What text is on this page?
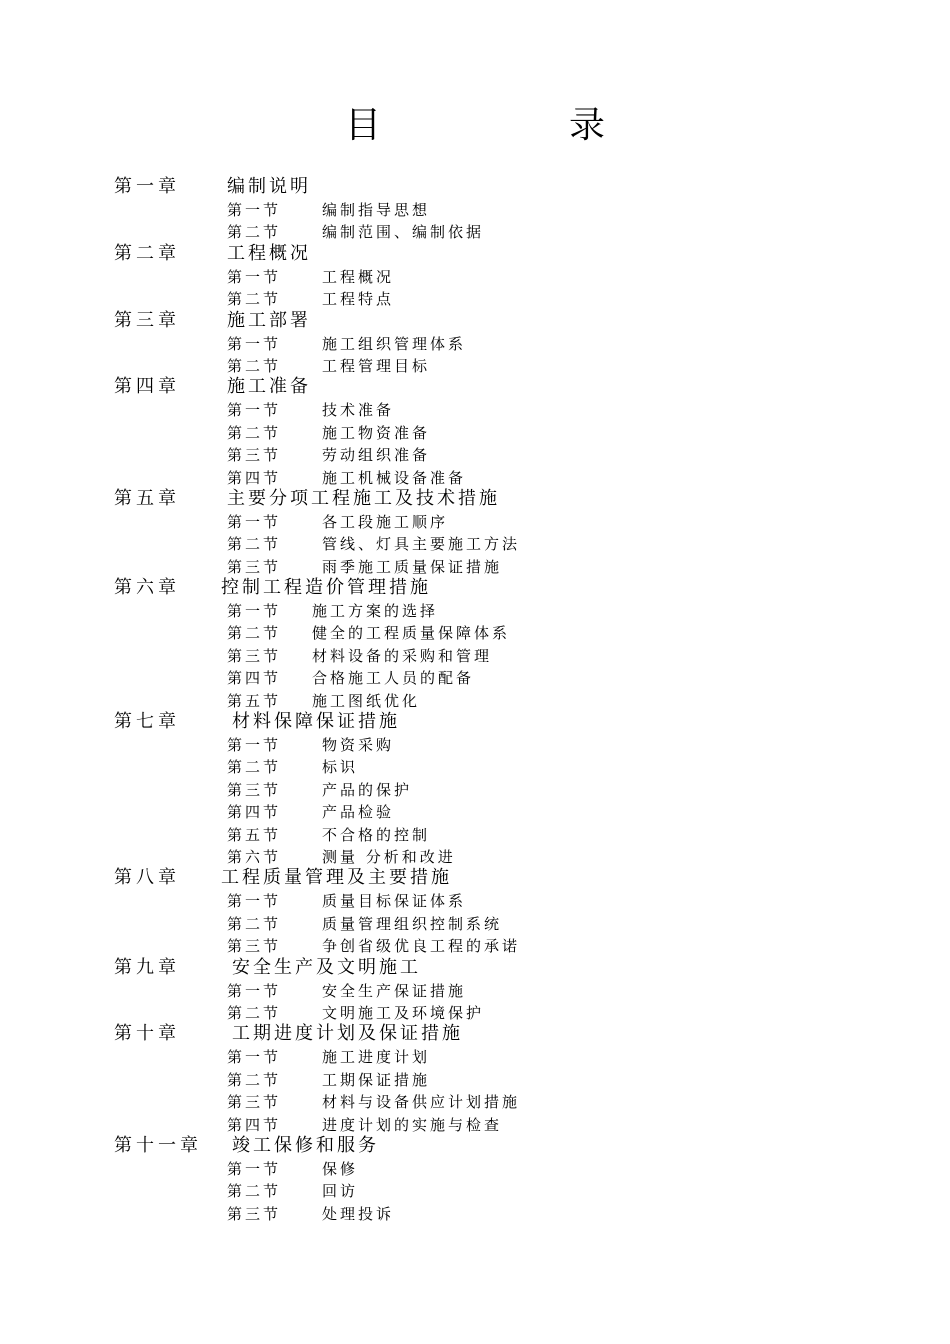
目　录
第一章	编制说明
第一节	编制指导思想
第二节	编制范围、编制依据
第二章	工程概况
第一节	工程概况
第二节	工程特点
第三章	施工部署
第一节	施工组织管理体系
第二节	工程管理目标
第四章	施工准备
第一节	技术准备
第二节	施工物资准备
第三节	劳动组织准备
第四节	施工机械设备准备
第五章	主要分项工程施工及技术措施
第一节	各工段施工顺序
第二节	管线、灯具主要施工方法
第三节	雨季施工质量保证措施
第六章 控制工程造价管理措施
第一节 施工方案的选择
第二节 健全的工程质量保障体系
第三节 材料设备的采购和管理
第四节 合格施工人员的配备
第五节 施工图纸优化
第七章	材料保障保证措施
第一节	物资采购
第二节	标识
第三节	产品的保护
第四节	产品检验
第五节	不合格的控制
第六节	测量 分析和改进
第八章 工程质量管理及主要措施
第一节	质量目标保证体系
第二节	质量管理组织控制系统
第三节	争创省级优良工程的承诺
第九章	安全生产及文明施工
第一节	安全生产保证措施
第二节	文明施工及环境保护
第十章	工期进度计划及保证措施
第一节	施工进度计划
第二节	工期保证措施
第三节	材料与设备供应计划措施
第四节	进度计划的实施与检查
第十一章 竣工保修和服务
第一节	保修
第二节	回访
第三节	处理投诉
